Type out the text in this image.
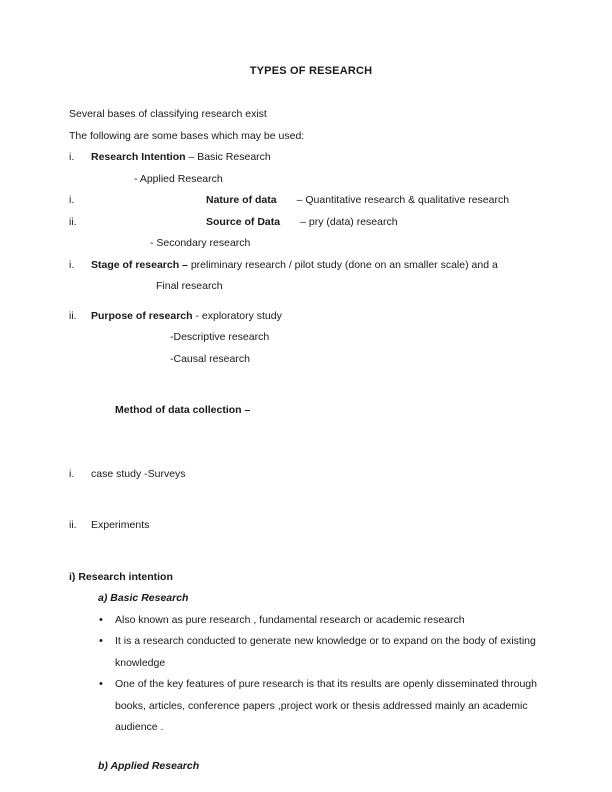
TYPES OF RESEARCH
Several bases of classifying research exist
The following are some bases which may be used:
i.	Research Intention – Basic Research
- Applied Research
i.	Nature of data – Quantitative research & qualitative research
ii.	Source of Data – pry (data) research
- Secondary research
i.	Stage of research – preliminary research / pilot study (done on an smaller scale) and a
Final research
ii.	Purpose of research - exploratory study
-Descriptive research
-Causal research
Method of data collection –
i.	case study -Surveys
ii.	Experiments
i) Research intention
a) Basic Research
• Also known as pure research , fundamental research or academic research
• It is a research conducted to generate new knowledge or to expand on the body of existing knowledge
• One of the key features of pure research is that its results are openly disseminated through books, articles, conference papers ,project work or thesis addressed mainly an academic audience .
b) Applied Research
